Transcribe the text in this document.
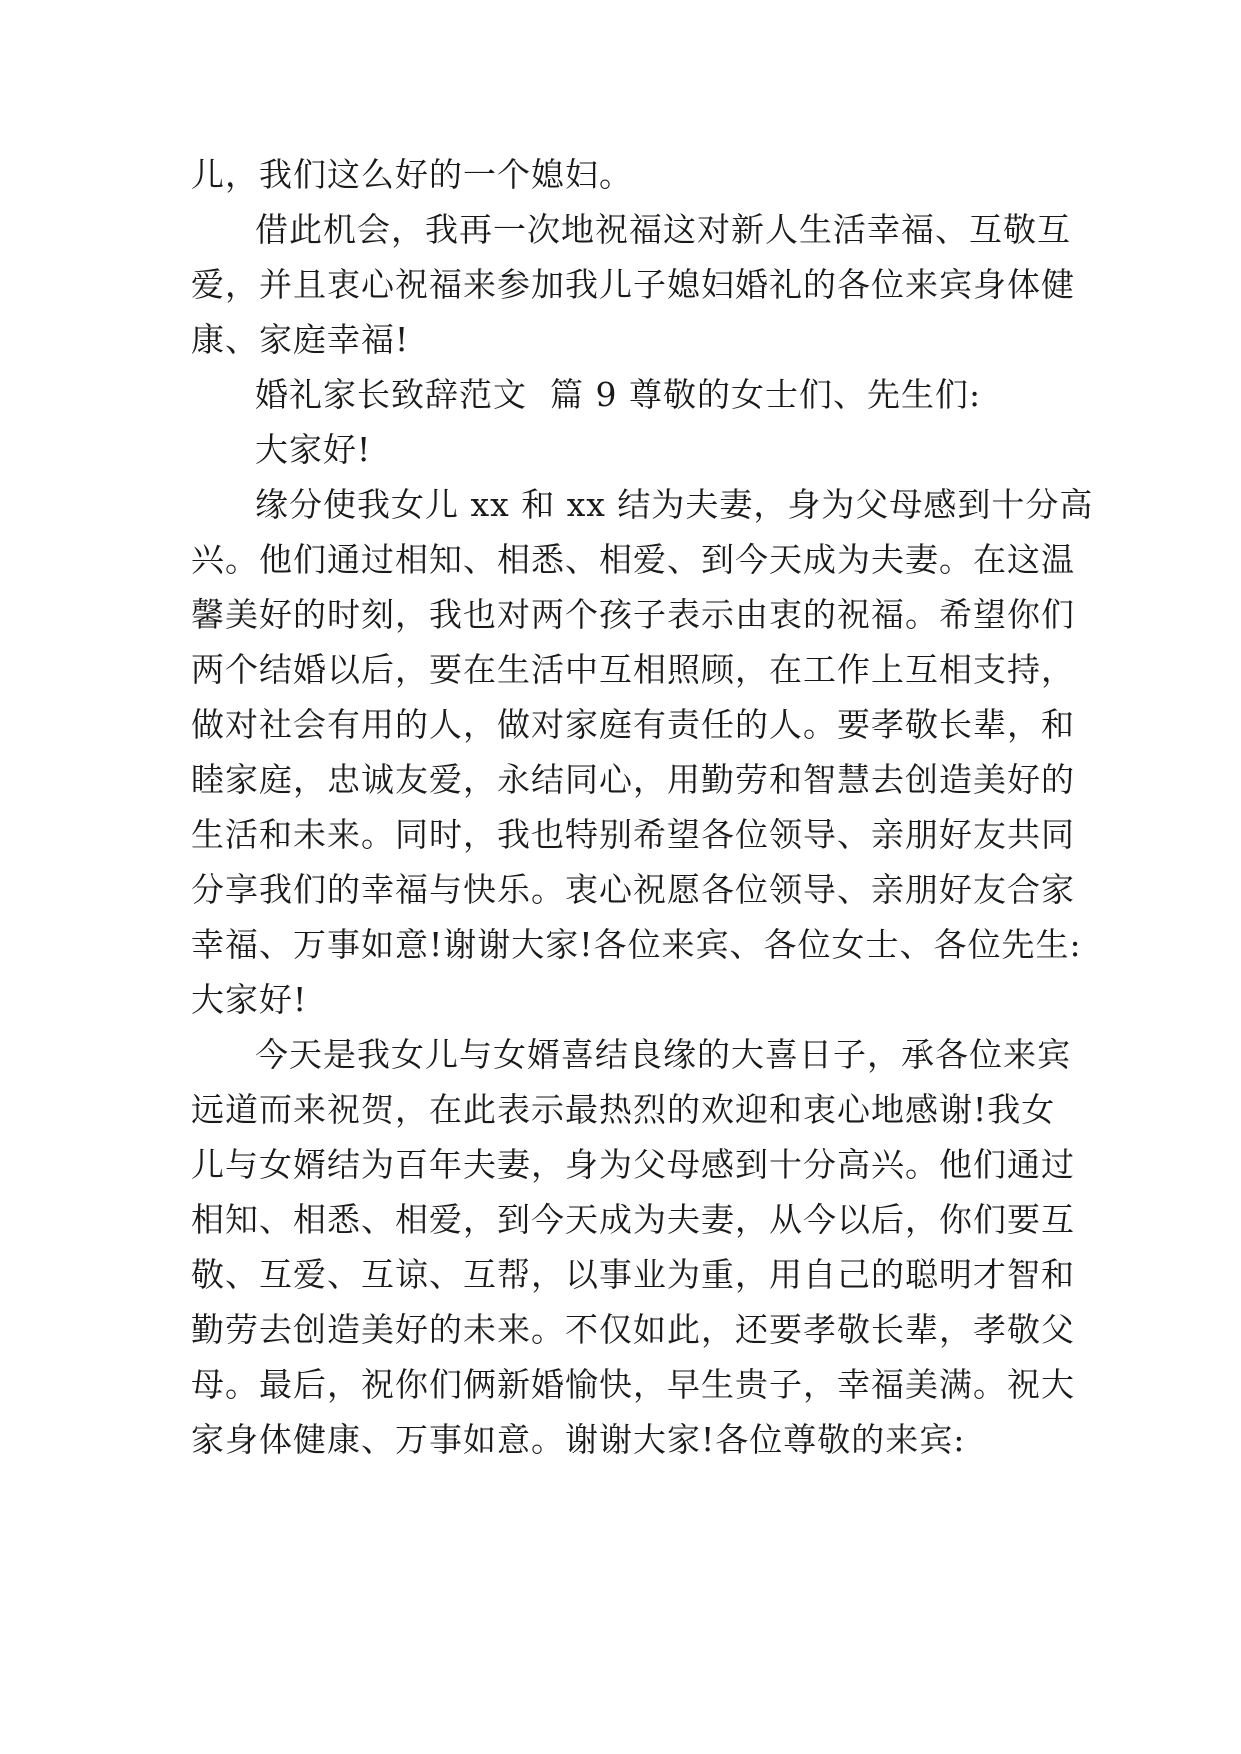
儿，我们这么好的一个媳妇。
借此机会，我再一次地祝福这对新人生活幸福、互敬互
爱，并且衷心祝福来参加我儿子媳妇婚礼的各位来宾身体健
康、家庭幸福!
婚礼家长致辞范文  篇 9 尊敬的女士们、先生们:
大家好!
缘分使我女儿 xx 和 xx 结为夫妻，身为父母感到十分高
兴。他们通过相知、相悉、相爱、到今天成为夫妻。在这温
馨美好的时刻，我也对两个孩子表示由衷的祝福。希望你们
两个结婚以后，要在生活中互相照顾，在工作上互相支持，
做对社会有用的人，做对家庭有责任的人。要孝敬长辈，和
睦家庭，忠诚友爱，永结同心，用勤劳和智慧去创造美好的
生活和未来。同时，我也特别希望各位领导、亲朋好友共同
分享我们的幸福与快乐。衷心祝愿各位领导、亲朋好友合家
幸福、万事如意!谢谢大家!各位来宾、各位女士、各位先生:
大家好!
今天是我女儿与女婿喜结良缘的大喜日子，承各位来宾
远道而来祝贺，在此表示最热烈的欢迎和衷心地感谢!我女
儿与女婿结为百年夫妻，身为父母感到十分高兴。他们通过
相知、相悉、相爱，到今天成为夫妻，从今以后，你们要互
敬、互爱、互谅、互帮，以事业为重，用自己的聪明才智和
勤劳去创造美好的未来。不仅如此，还要孝敬长辈，孝敬父
母。最后，祝你们俩新婚愉快，早生贵子，幸福美满。祝大
家身体健康、万事如意。谢谢大家!各位尊敬的来宾:
